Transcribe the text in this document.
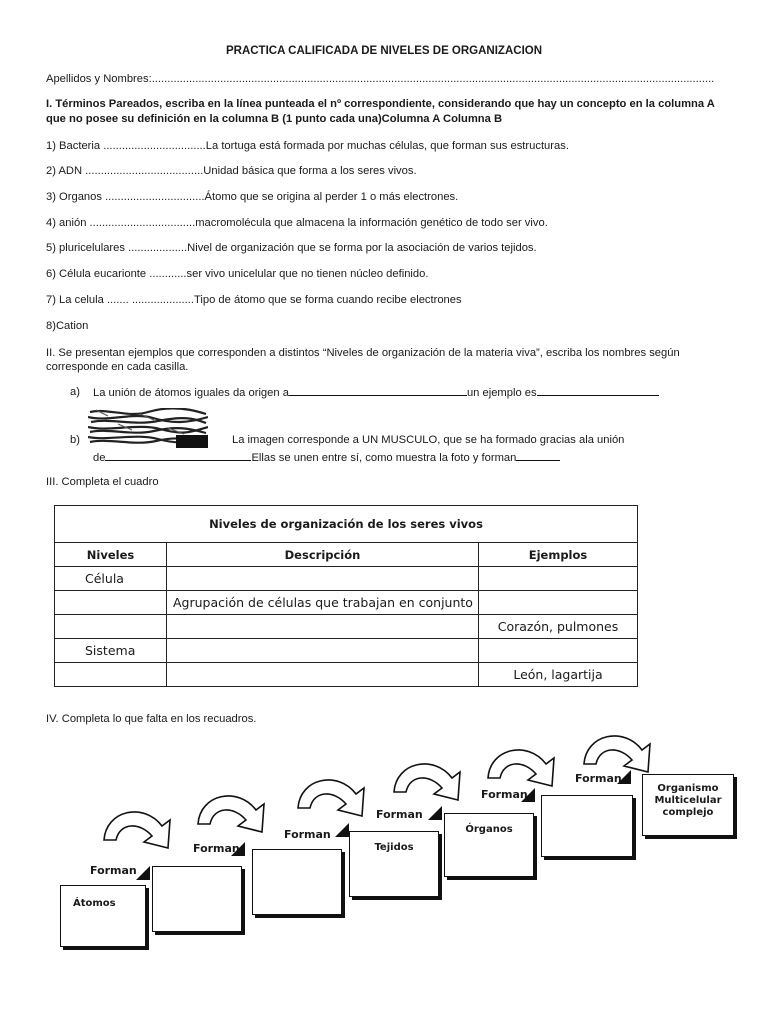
PRACTICA CALIFICADA DE NIVELES DE ORGANIZACION
Apellidos y Nombres:.....................................................................................................................................................................................
I. Términos Pareados, escriba en la línea punteada el nº correspondiente, considerando que hay un concepto en la columna A
que no posee su definición en la columna B (1 punto cada una)Columna A Columna B
1) Bacteria .................................La tortuga está formada por muchas células, que forman sus estructuras.
2) ADN ......................................Unidad básica que forma a los seres vivos.
3) Organos ................................Átomo que se origina al perder 1 o más electrones.
4) anión ..................................macromolécula que almacena la información genético de todo ser vivo.
5) pluricelulares ...................Nivel de organización que se forma por la asociación de varios tejidos.
6) Célula eucarionte ............ser vivo unicelular que no tienen núcleo definido.
7) La celula ....... ....................Tipo de átomo que se forma cuando recibe electrones
8)Cation
II. Se presentan ejemplos que corresponden a distintos “Niveles de organización de la materia viva”, escriba los nombres según
corresponde en cada casilla.
a) La unión de átomos iguales da origen a	un ejemplo es
b)	La imagen corresponde a UN MUSCULO, que se ha formado gracias ala unión
de	Ellas se unen entre sí, como muestra la foto y forman
III. Completa el cuadro
Niveles de organización de los seres vivos		
Niveles	Descripción	Ejemplos
Célula		
	Agrupación de células que trabajan en conjunto	
		Corazón, pulmones
Sistema		
		León, lagartija
IV. Completa lo que falta en los recuadros.
Forman
Forman
Forman
Forman
Forman
Forman
Átomos
Tejidos
Órganos
Organismo Multicelular complejo
